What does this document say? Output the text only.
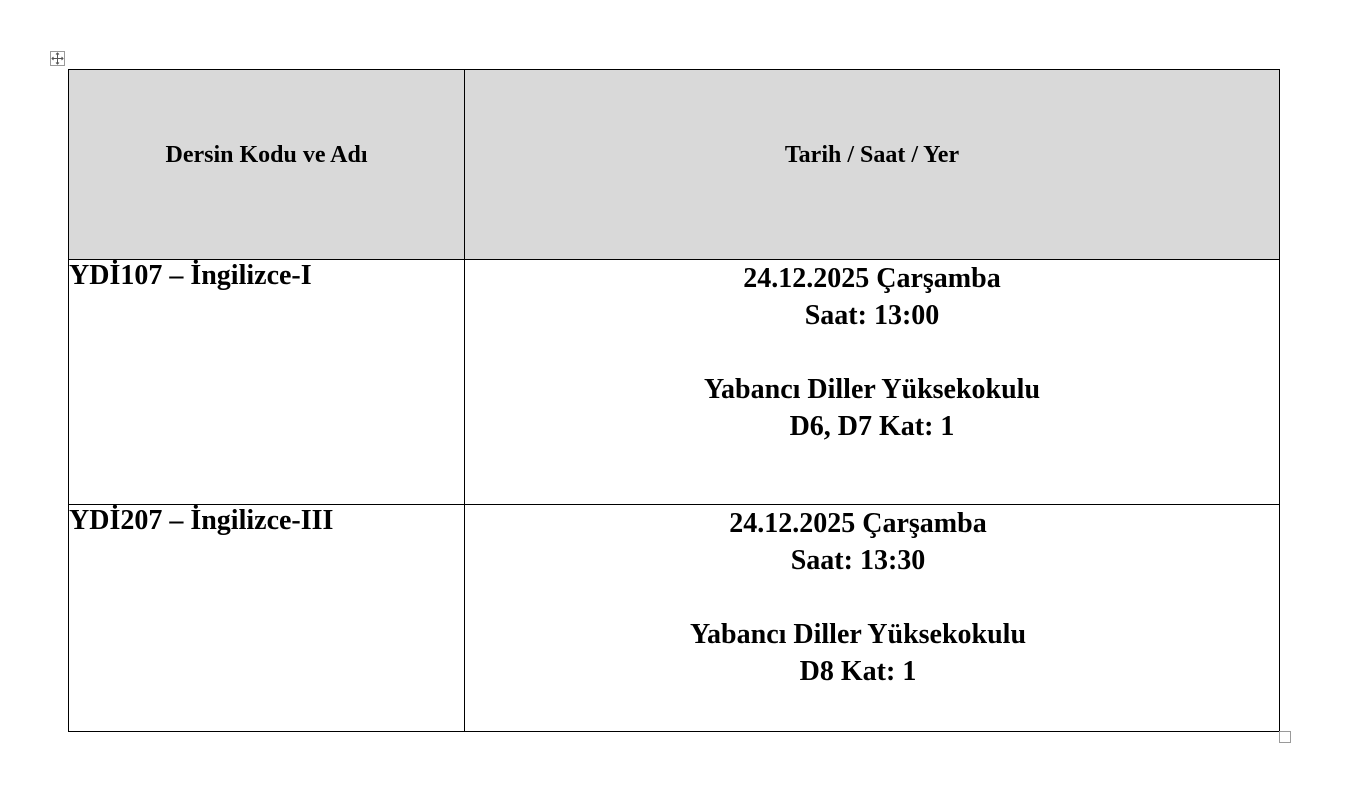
Dersin Kodu ve Adı	Tarih / Saat / Yer
YDİ107 – İngilizce-I	24.12.2025 Çarşamba
Saat: 13:00
Yabancı Diller Yüksekokulu
D6, D7 Kat: 1

YDİ207 – İngilizce-III	24.12.2025 Çarşamba
Saat: 13:30
Yabancı Diller Yüksekokulu
D8 Kat: 1
